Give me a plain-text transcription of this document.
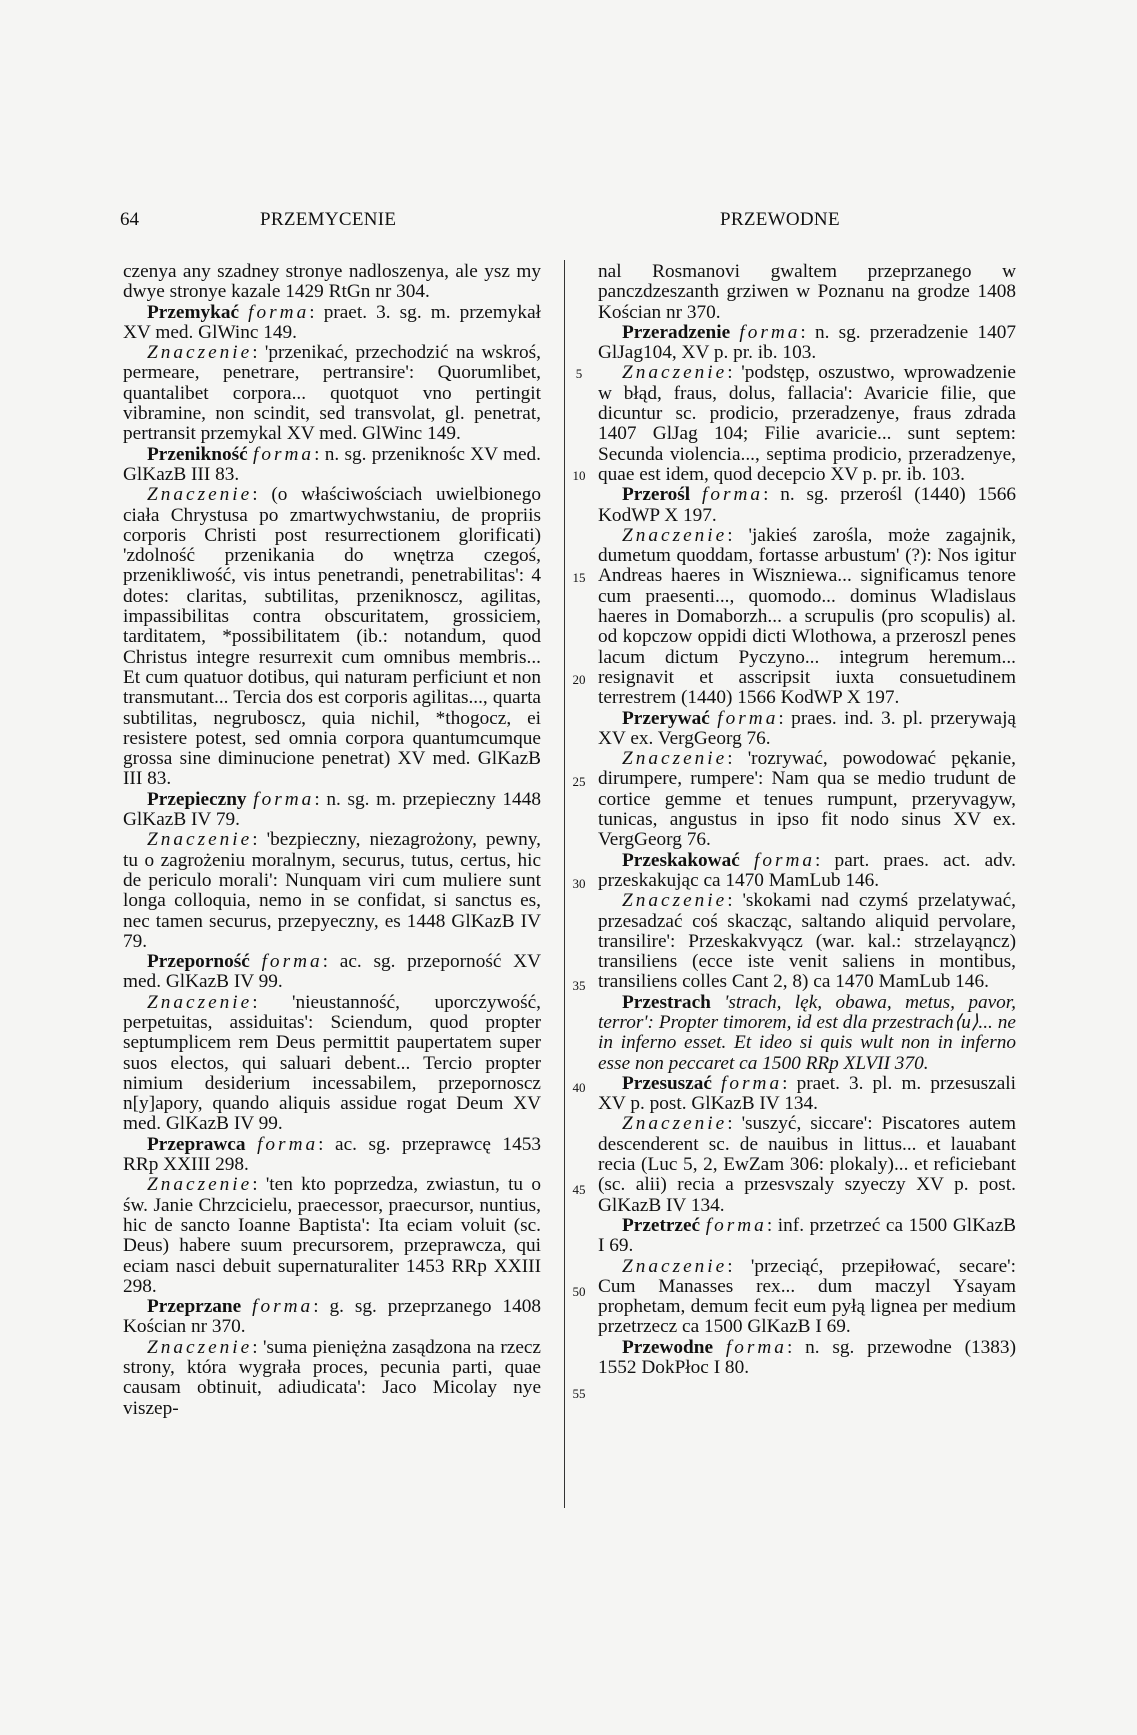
64	PRZEMYCENIE	PRZEWODNE

czenya any szadney stronye nadloszenya, ale ysz my dwye stronye kazale 1429 RtGn nr 304.

Przemykać forma: praet. 3. sg. m. przemykał XV med. GlWinc 149.

Znaczenie: 'przenikać, przechodzić na wskroś, permeare, penetrare, pertransire': Quorumlibet, quantalibet corpora... quotquot vno pertingit vibramine, non scindit, sed transvolat, gl. penetrat, pertransit przemykal XV med. GlWinc 149.

Przenikność forma: n. sg. przeniknośc XV med. GlKazB III 83.

Znaczenie: (o właściwościach uwielbionego ciała Chrystusa po zmartwychwstaniu, de propriis corporis Christi post resurrectionem glorificati) 'zdolność przenikania do wnętrza czegoś, przenikliwość, vis intus penetrandi, penetrabilitas': 4 dotes: claritas, subtilitas, przeniknoscz, agilitas, impassibilitas contra obscuritatem, grossiciem, tarditatem, *possibilitatem (ib.: notandum, quod Christus integre resurrexit cum omnibus membris... Et cum quatuor dotibus, qui naturam perficiunt et non transmutant... Tercia dos est corporis agilitas..., quarta subtilitas, negruboscz, quia nichil, *thogocz, ei resistere potest, sed omnia corpora quantumcumque grossa sine diminucione penetrat) XV med. GlKazB III 83.

Przepieczny forma: n. sg. m. przepieczny 1448 GlKazB IV 79.

Znaczenie: 'bezpieczny, niezagrożony, pewny, tu o zagrożeniu moralnym, securus, tutus, certus, hic de periculo morali': Nunquam viri cum muliere sunt longa colloquia, nemo in se confidat, si sanctus es, nec tamen securus, przepyeczny, es 1448 GlKazB IV 79.

Przeporność forma: ac. sg. przeporność XV med. GlKazB IV 99.

Znaczenie: 'nieustanność, uporczywość, perpetuitas, assiduitas': Sciendum, quod propter septumplicem rem Deus permittit paupertatem super suos electos, qui saluari debent... Tercio propter nimium desiderium incessabilem, przepornoscz n[y]apory, quando aliquis assidue rogat Deum XV med. GlKazB IV 99.

Przeprawca forma: ac. sg. przeprawcę 1453 RRp XXIII 298.

Znaczenie: 'ten kto poprzedza, zwiastun, tu o św. Janie Chrzcicielu, praecessor, praecursor, nuntius, hic de sancto Ioanne Baptista': Ita eciam voluit (sc. Deus) habere suum precursorem, przeprawcza, qui eciam nasci debuit supernaturaliter 1453 RRp XXIII 298.

Przeprzane forma: g. sg. przeprzanego 1408 Kościan nr 370.

Znaczenie: 'suma pieniężna zasądzona na rzecz strony, która wygrała proces, pecunia parti, quae causam obtinuit, adiudicata': Jaco Micolay nye viszep-

5
10
15
20
25
30
35
40
45
50
55

nal Rosmanovi gwaltem przeprzanego w panczdzeszanth grziwen w Poznanu na grodze 1408 Kościan nr 370.

Przeradzenie forma: n. sg. przeradzenie 1407 GlJag104, XV p. pr. ib. 103.

Znaczenie: 'podstęp, oszustwo, wprowadzenie w błąd, fraus, dolus, fallacia': Avaricie filie, que dicuntur sc. prodicio, przeradzenye, fraus zdrada 1407 GlJag 104; Filie avaricie... sunt septem: Secunda violencia..., septima prodicio, przeradzenye, quae est idem, quod decepcio XV p. pr. ib. 103.

Przerośl forma: n. sg. przerośl (1440) 1566 KodWP X 197.

Znaczenie: 'jakieś zarośla, może zagajnik, dumetum quoddam, fortasse arbustum' (?): Nos igitur Andreas haeres in Wiszniewa... significamus tenore cum praesenti..., quomodo... dominus Wladislaus haeres in Domaborzh... a scrupulis (pro scopulis) al. od kopczow oppidi dicti Wlothowa, a przeroszl penes lacum dictum Pyczyno... integrum heremum... resignavit et asscripsit iuxta consuetudinem terrestrem (1440) 1566 KodWP X 197.

Przerywać forma: praes. ind. 3. pl. przerywają XV ex. VergGeorg 76.

Znaczenie: 'rozrywać, powodować pękanie, dirumpere, rumpere': Nam qua se medio trudunt de cortice gemme et tenues rumpunt, przeryvagyw, tunicas, angustus in ipso fit nodo sinus XV ex. VergGeorg 76.

Przeskakować forma: part. praes. act. adv. przeskakując ca 1470 MamLub 146.

Znaczenie: 'skokami nad czymś przelatywać, przesadzać coś skacząc, saltando aliquid pervolare, transilire': Przeskakvyącz (war. kal.: strzelayąncz) transiliens (ecce iste venit saliens in montibus, transiliens colles Cant 2, 8) ca 1470 MamLub 146.

Przestrach 'strach, lęk, obawa, metus, pavor, terror': Propter timorem, id est dla przestrach⟨u⟩... ne in inferno esset. Et ideo si quis wult non in inferno esse non peccaret ca 1500 RRp XLVII 370.

Przesuszać forma: praet. 3. pl. m. przesuszali XV p. post. GlKazB IV 134.

Znaczenie: 'suszyć, siccare': Piscatores autem descenderent sc. de nauibus in littus... et lauabant recia (Luc 5, 2, EwZam 306: plokaly)... et reficiebant (sc. alii) recia a przesvszaly szyeczy XV p. post. GlKazB IV 134.

Przetrzeć forma: inf. przetrzeć ca 1500 GlKazB I 69.

Znaczenie: 'przeciąć, przepiłować, secare': Cum Manasses rex... dum maczyl Ysayam prophetam, demum fecit eum pyłą lignea per medium przetrzecz ca 1500 GlKazB I 69.

Przewodne forma: n. sg. przewodne (1383) 1552 DokPłoc I 80.
